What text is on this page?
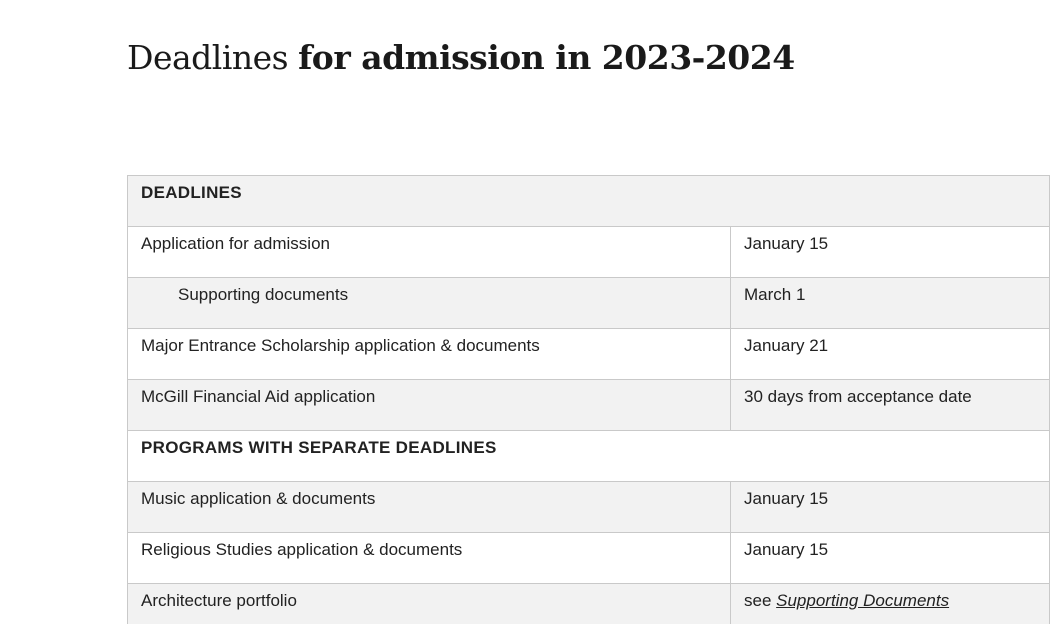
Deadlines for admission in 2023-2024
DEADLINES	
Application for admission	January 15
Supporting documents	March 1
Major Entrance Scholarship application & documents	January 21
McGill Financial Aid application	30 days from acceptance date
PROGRAMS WITH SEPARATE DEADLINES	
Music application & documents	January 15
Religious Studies application & documents	January 15
Architecture portfolio	see Supporting Documents
